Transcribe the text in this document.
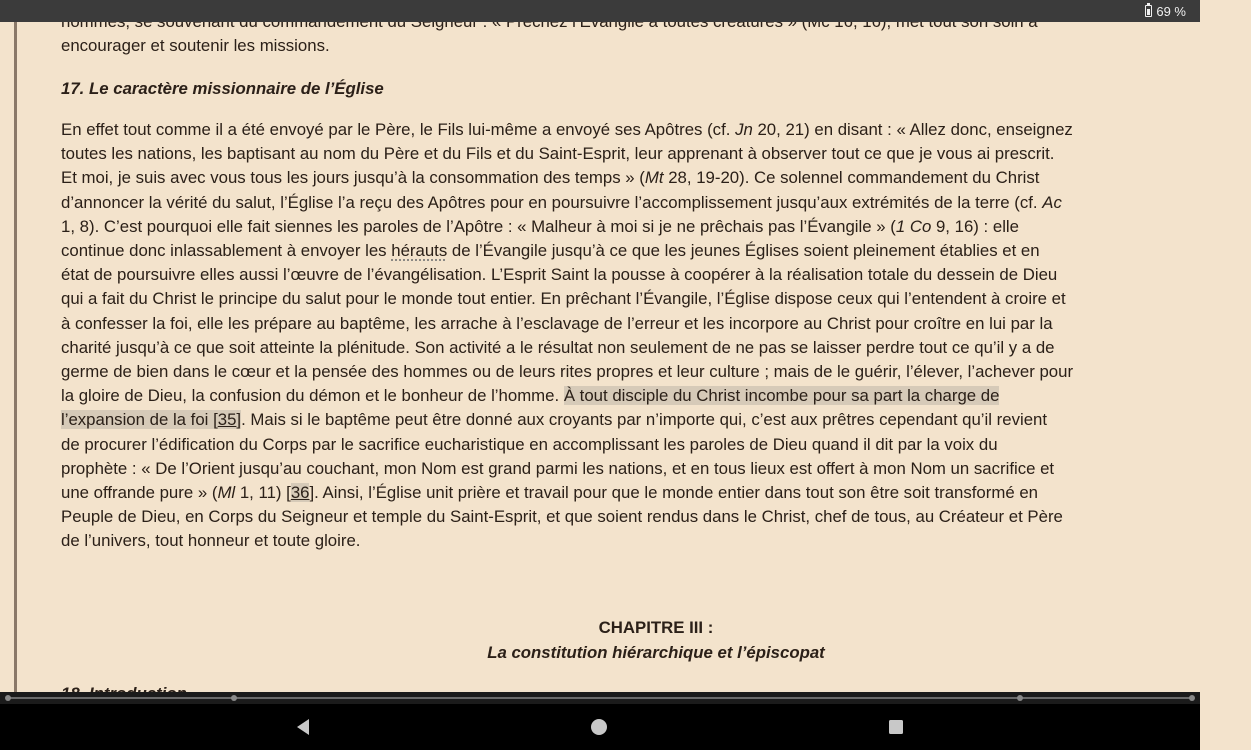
encourager et soutenir les missions.
17. Le caractère missionnaire de l’Église
En effet tout comme il a été envoyé par le Père, le Fils lui-même a envoyé ses Apôtres (cf. Jn 20, 21) en disant : « Allez donc, enseignez
toutes les nations, les baptisant au nom du Père et du Fils et du Saint-Esprit, leur apprenant à observer tout ce que je vous ai prescrit.
Et moi, je suis avec vous tous les jours jusqu’à la consommation des temps » (Mt 28, 19-20). Ce solennel commandement du Christ
d’annoncer la vérité du salut, l’Église l’a reçu des Apôtres pour en poursuivre l’accomplissement jusqu’aux extrémités de la terre (cf. Ac
1, 8). C’est pourquoi elle fait siennes les paroles de l’Apôtre : « Malheur à moi si je ne prêchais pas l’Évangile » (1 Co 9, 16) : elle
continue donc inlassablement à envoyer les hérauts de l’Évangile jusqu’à ce que les jeunes Églises soient pleinement établies et en
état de poursuivre elles aussi l’œuvre de l’évangélisation. L’Esprit Saint la pousse à coopérer à la réalisation totale du dessein de Dieu
qui a fait du Christ le principe du salut pour le monde tout entier. En prêchant l’Évangile, l’Église dispose ceux qui l’entendent à croire et
à confesser la foi, elle les prépare au baptême, les arrache à l’esclavage de l’erreur et les incorpore au Christ pour croître en lui par la
charité jusqu’à ce que soit atteinte la plénitude. Son activité a le résultat non seulement de ne pas se laisser perdre tout ce qu’il y a de
germe de bien dans le cœur et la pensée des hommes ou de leurs rites propres et leur culture ; mais de le guérir, l’élever, l’achever pour
la gloire de Dieu, la confusion du démon et le bonheur de l’homme. À tout disciple du Christ incombe pour sa part la charge de
l’expansion de la foi [35]. Mais si le baptême peut être donné aux croyants par n’importe qui, c’est aux prêtres cependant qu’il revient
de procurer l’édification du Corps par le sacrifice eucharistique en accomplissant les paroles de Dieu quand il dit par la voix du
prophète : « De l’Orient jusqu’au couchant, mon Nom est grand parmi les nations, et en tous lieux est offert à mon Nom un sacrifice et
une offrande pure » (Ml 1, 11) [36]. Ainsi, l’Église unit prière et travail pour que le monde entier dans tout son être soit transformé en
Peuple de Dieu, en Corps du Seigneur et temple du Saint-Esprit, et que soient rendus dans le Christ, chef de tous, au Créateur et Père
de l’univers, tout honneur et toute gloire.
CHAPITRE III :
La constitution hiérarchique et l’épiscopat
69 %
